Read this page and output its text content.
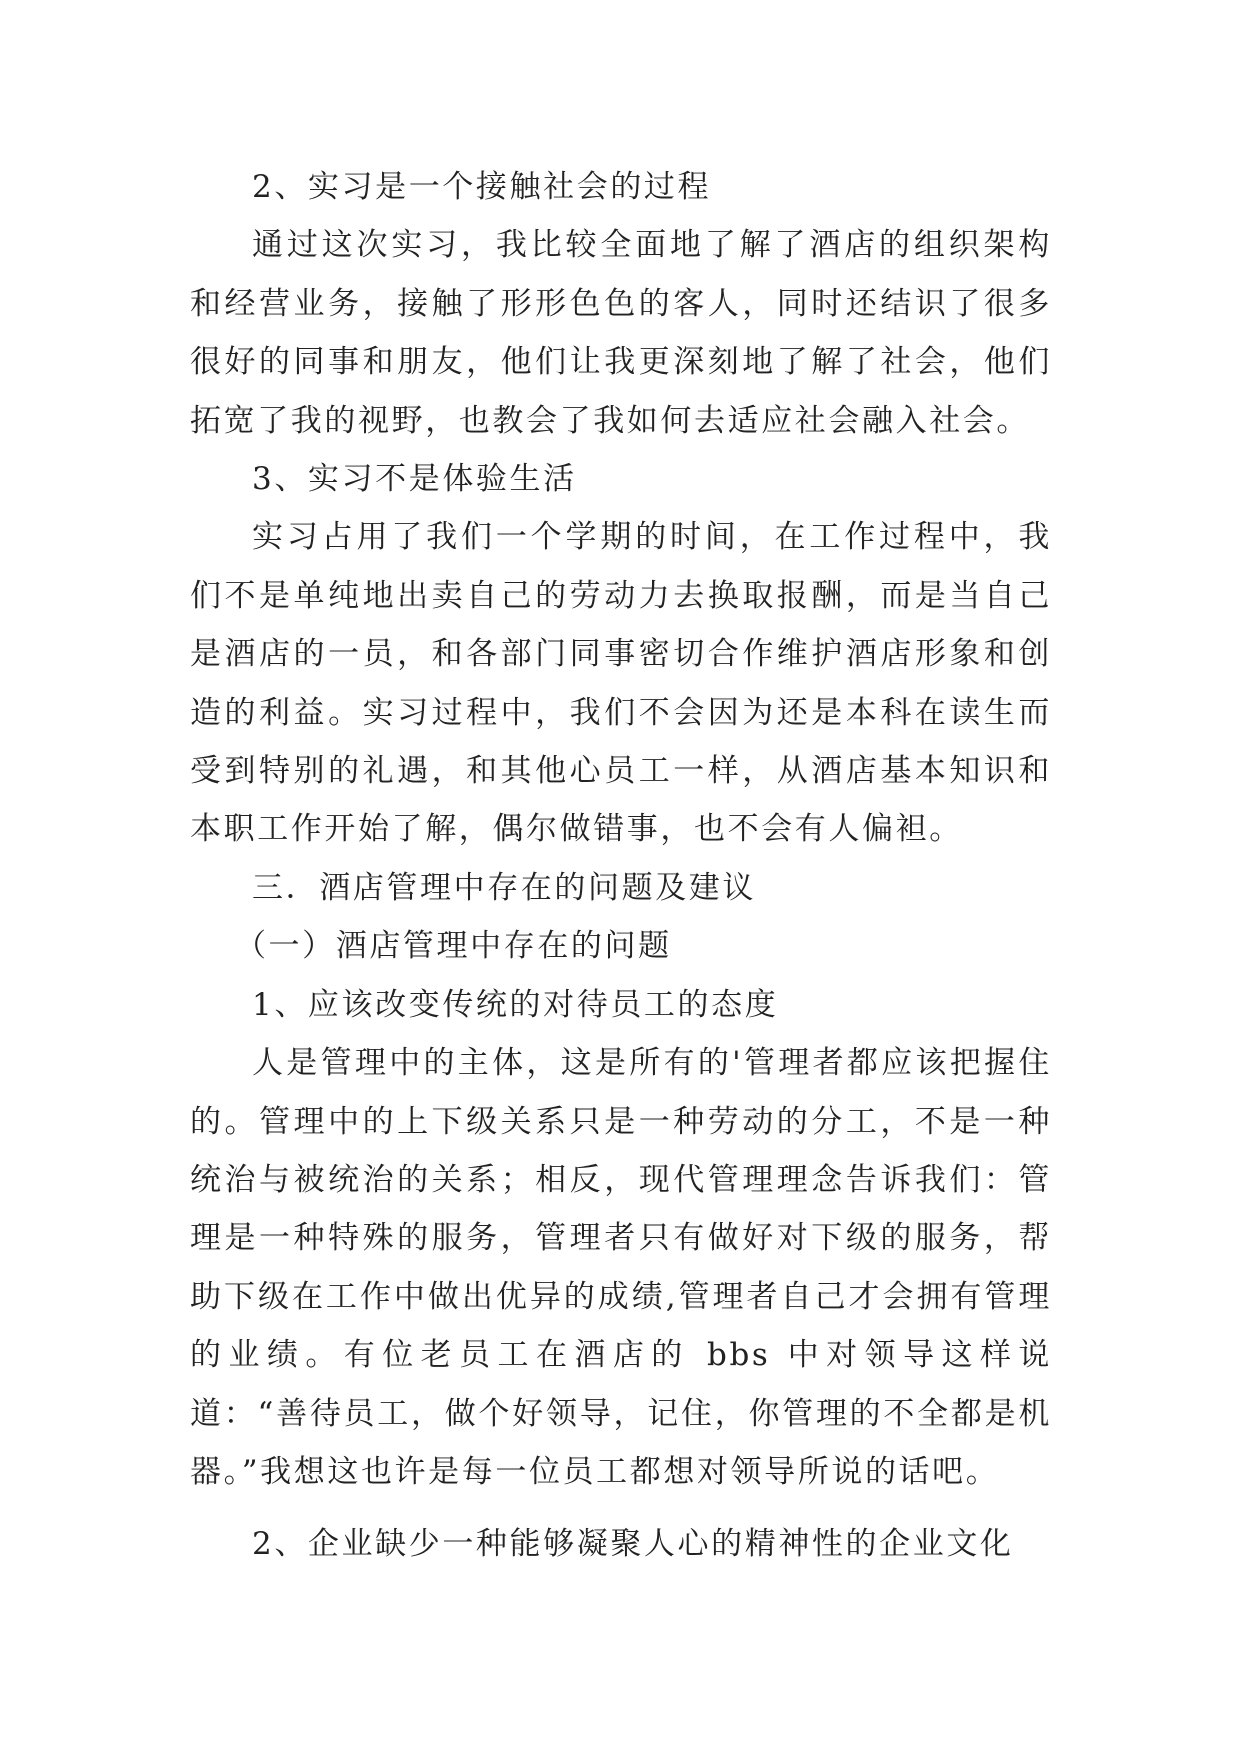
2、实习是一个接触社会的过程

通过这次实习，我比较全面地了解了酒店的组织架构和经营业务，接触了形形色色的客人，同时还结识了很多很好的同事和朋友，他们让我更深刻地了解了社会，他们拓宽了我的视野，也教会了我如何去适应社会融入社会。

3、实习不是体验生活

实习占用了我们一个学期的时间，在工作过程中，我们不是单纯地出卖自己的劳动力去换取报酬，而是当自己是酒店的一员，和各部门同事密切合作维护酒店形象和创造的利益。实习过程中，我们不会因为还是本科在读生而受到特别的礼遇，和其他心员工一样，从酒店基本知识和本职工作开始了解，偶尔做错事，也不会有人偏袒。

三．酒店管理中存在的问题及建议

（一）酒店管理中存在的问题

1、应该改变传统的对待员工的态度

人是管理中的主体，这是所有的'管理者都应该把握住的。管理中的上下级关系只是一种劳动的分工，不是一种统治与被统治的关系；相反，现代管理理念告诉我们：管理是一种特殊的服务，管理者只有做好对下级的服务，帮助下级在工作中做出优异的成绩,管理者自己才会拥有管理的业绩。有位老员工在酒店的 bbs 中对领导这样说道：“善待员工，做个好领导，记住，你管理的不全都是机器。”我想这也许是每一位员工都想对领导所说的话吧。

2、企业缺少一种能够凝聚人心的精神性的企业文化
